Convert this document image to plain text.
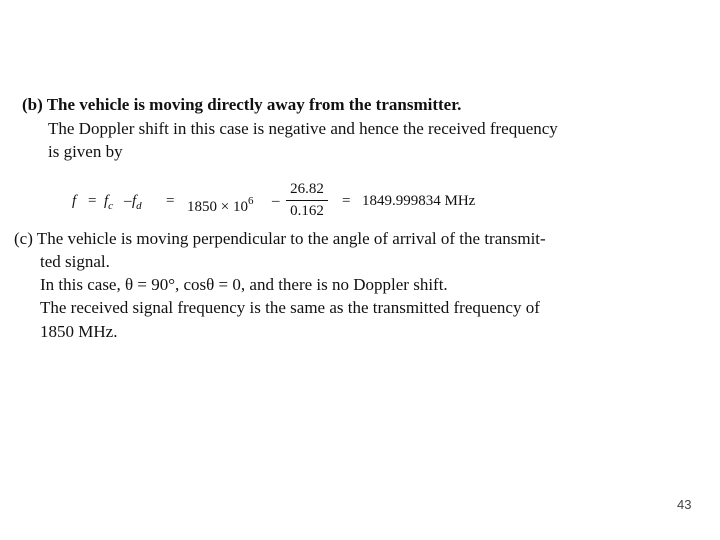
(b) The vehicle is moving directly away from the transmitter.
The Doppler shift in this case is negative and hence the received frequency
is given by
$f = f_c - f_d = 1850 \times 10^6$ –
26.82
0.162
= 1849.999834 MHz
(c) The vehicle is moving perpendicular to the angle of arrival of the transmit-
ted signal.
In this case, θ = 90°, cosθ = 0, and there is no Doppler shift.
The received signal frequency is the same as the transmitted frequency of
1850 MHz.
43
